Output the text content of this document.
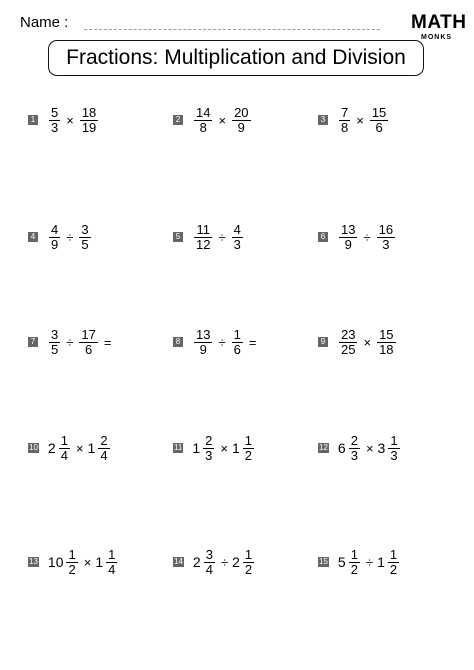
Name :	MATH
MONKS
Fractions: Multiplication and Division
$1 \frac{5}{3} \times \frac{18}{19}$	$2 \frac{14}{8} \times \frac{20}{9}$	$3 \frac{7}{8} \times \frac{15}{6}$
$4 \frac{4}{9} \div \frac{3}{5}$	$5 \frac{11}{12} \div \frac{4}{3}$	$6 \frac{13}{9} \div \frac{16}{3}$
$7 \frac{3}{5} \div \frac{17}{6}$ =	$8 \frac{13}{9} \div \frac{1}{6}$ =	$9 \frac{23}{25} \times \frac{15}{18}$
10 $2 \frac{1}{4} \times 1 \frac{2}{4}$	11 $1 \frac{2}{3} \times 1 \frac{1}{2}$	12 $6 \frac{2}{3} \times 3 \frac{1}{3}$
13 $10 \frac{1}{2} \times 1 \frac{1}{4}$	14 $2 \frac{3}{4} \div 2 \frac{1}{2}$	15 $5 \frac{1}{2} \div 1 \frac{1}{2}$
